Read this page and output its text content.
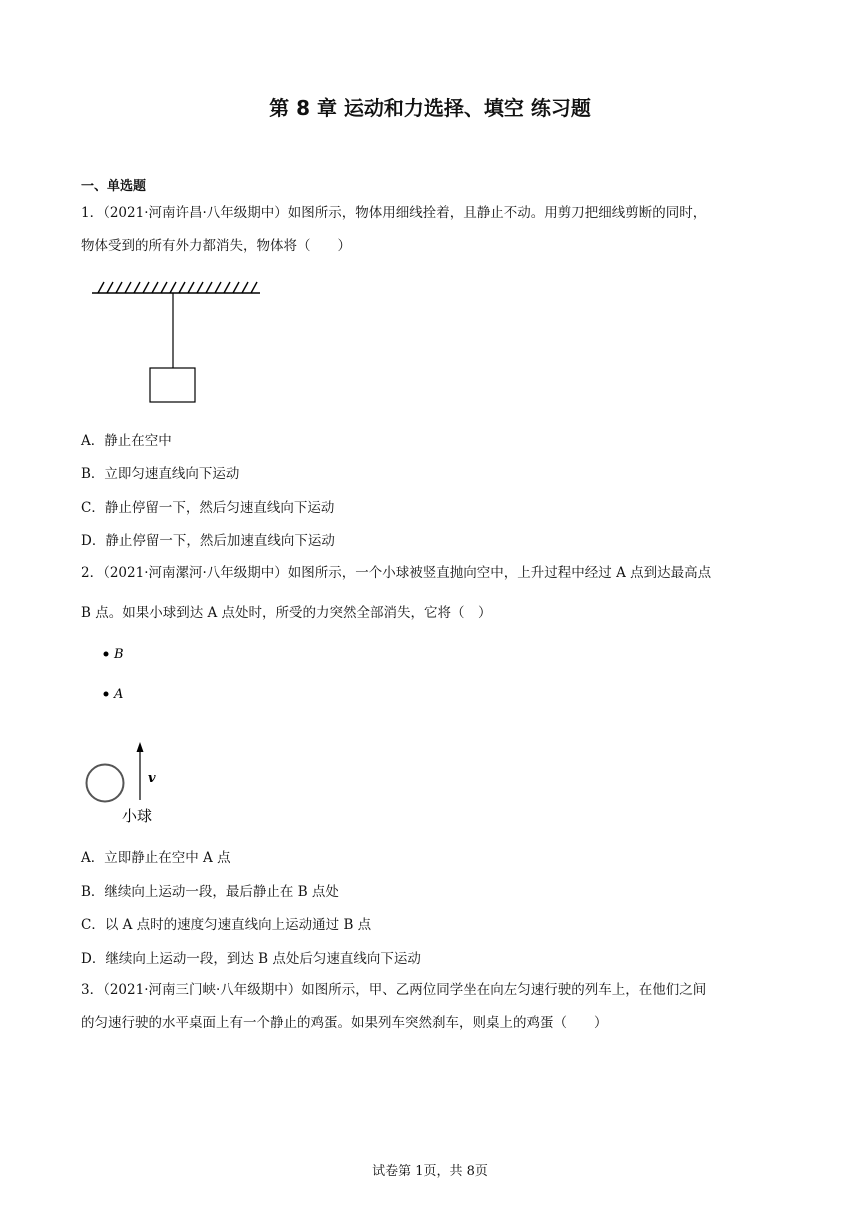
第 8 章 运动和力选择、填空 练习题
一、单选题
1．（2021·河南许昌·八年级期中）如图所示，物体用细线拴着，且静止不动。用剪刀把细线剪断的同时，
物体受到的所有外力都消失，物体将（　　）
A．静止在空中
B．立即匀速直线向下运动
C．静止停留一下，然后匀速直线向下运动
D．静止停留一下，然后加速直线向下运动
2．（2021·河南漯河·八年级期中）如图所示，一个小球被竖直抛向空中，上升过程中经过 A 点到达最高点
B 点。如果小球到达 A 点处时，所受的力突然全部消失，它将（　）
B
A
v
小球
A．立即静止在空中 A 点
B．继续向上运动一段，最后静止在 B 点处
C．以 A 点时的速度匀速直线向上运动通过 B 点
D．继续向上运动一段，到达 B 点处后匀速直线向下运动
3．（2021·河南三门峡·八年级期中）如图所示，甲、乙两位同学坐在向左匀速行驶的列车上，在他们之间
的匀速行驶的水平桌面上有一个静止的鸡蛋。如果列车突然刹车，则桌上的鸡蛋（　　）
试卷第 1页，共 8页
